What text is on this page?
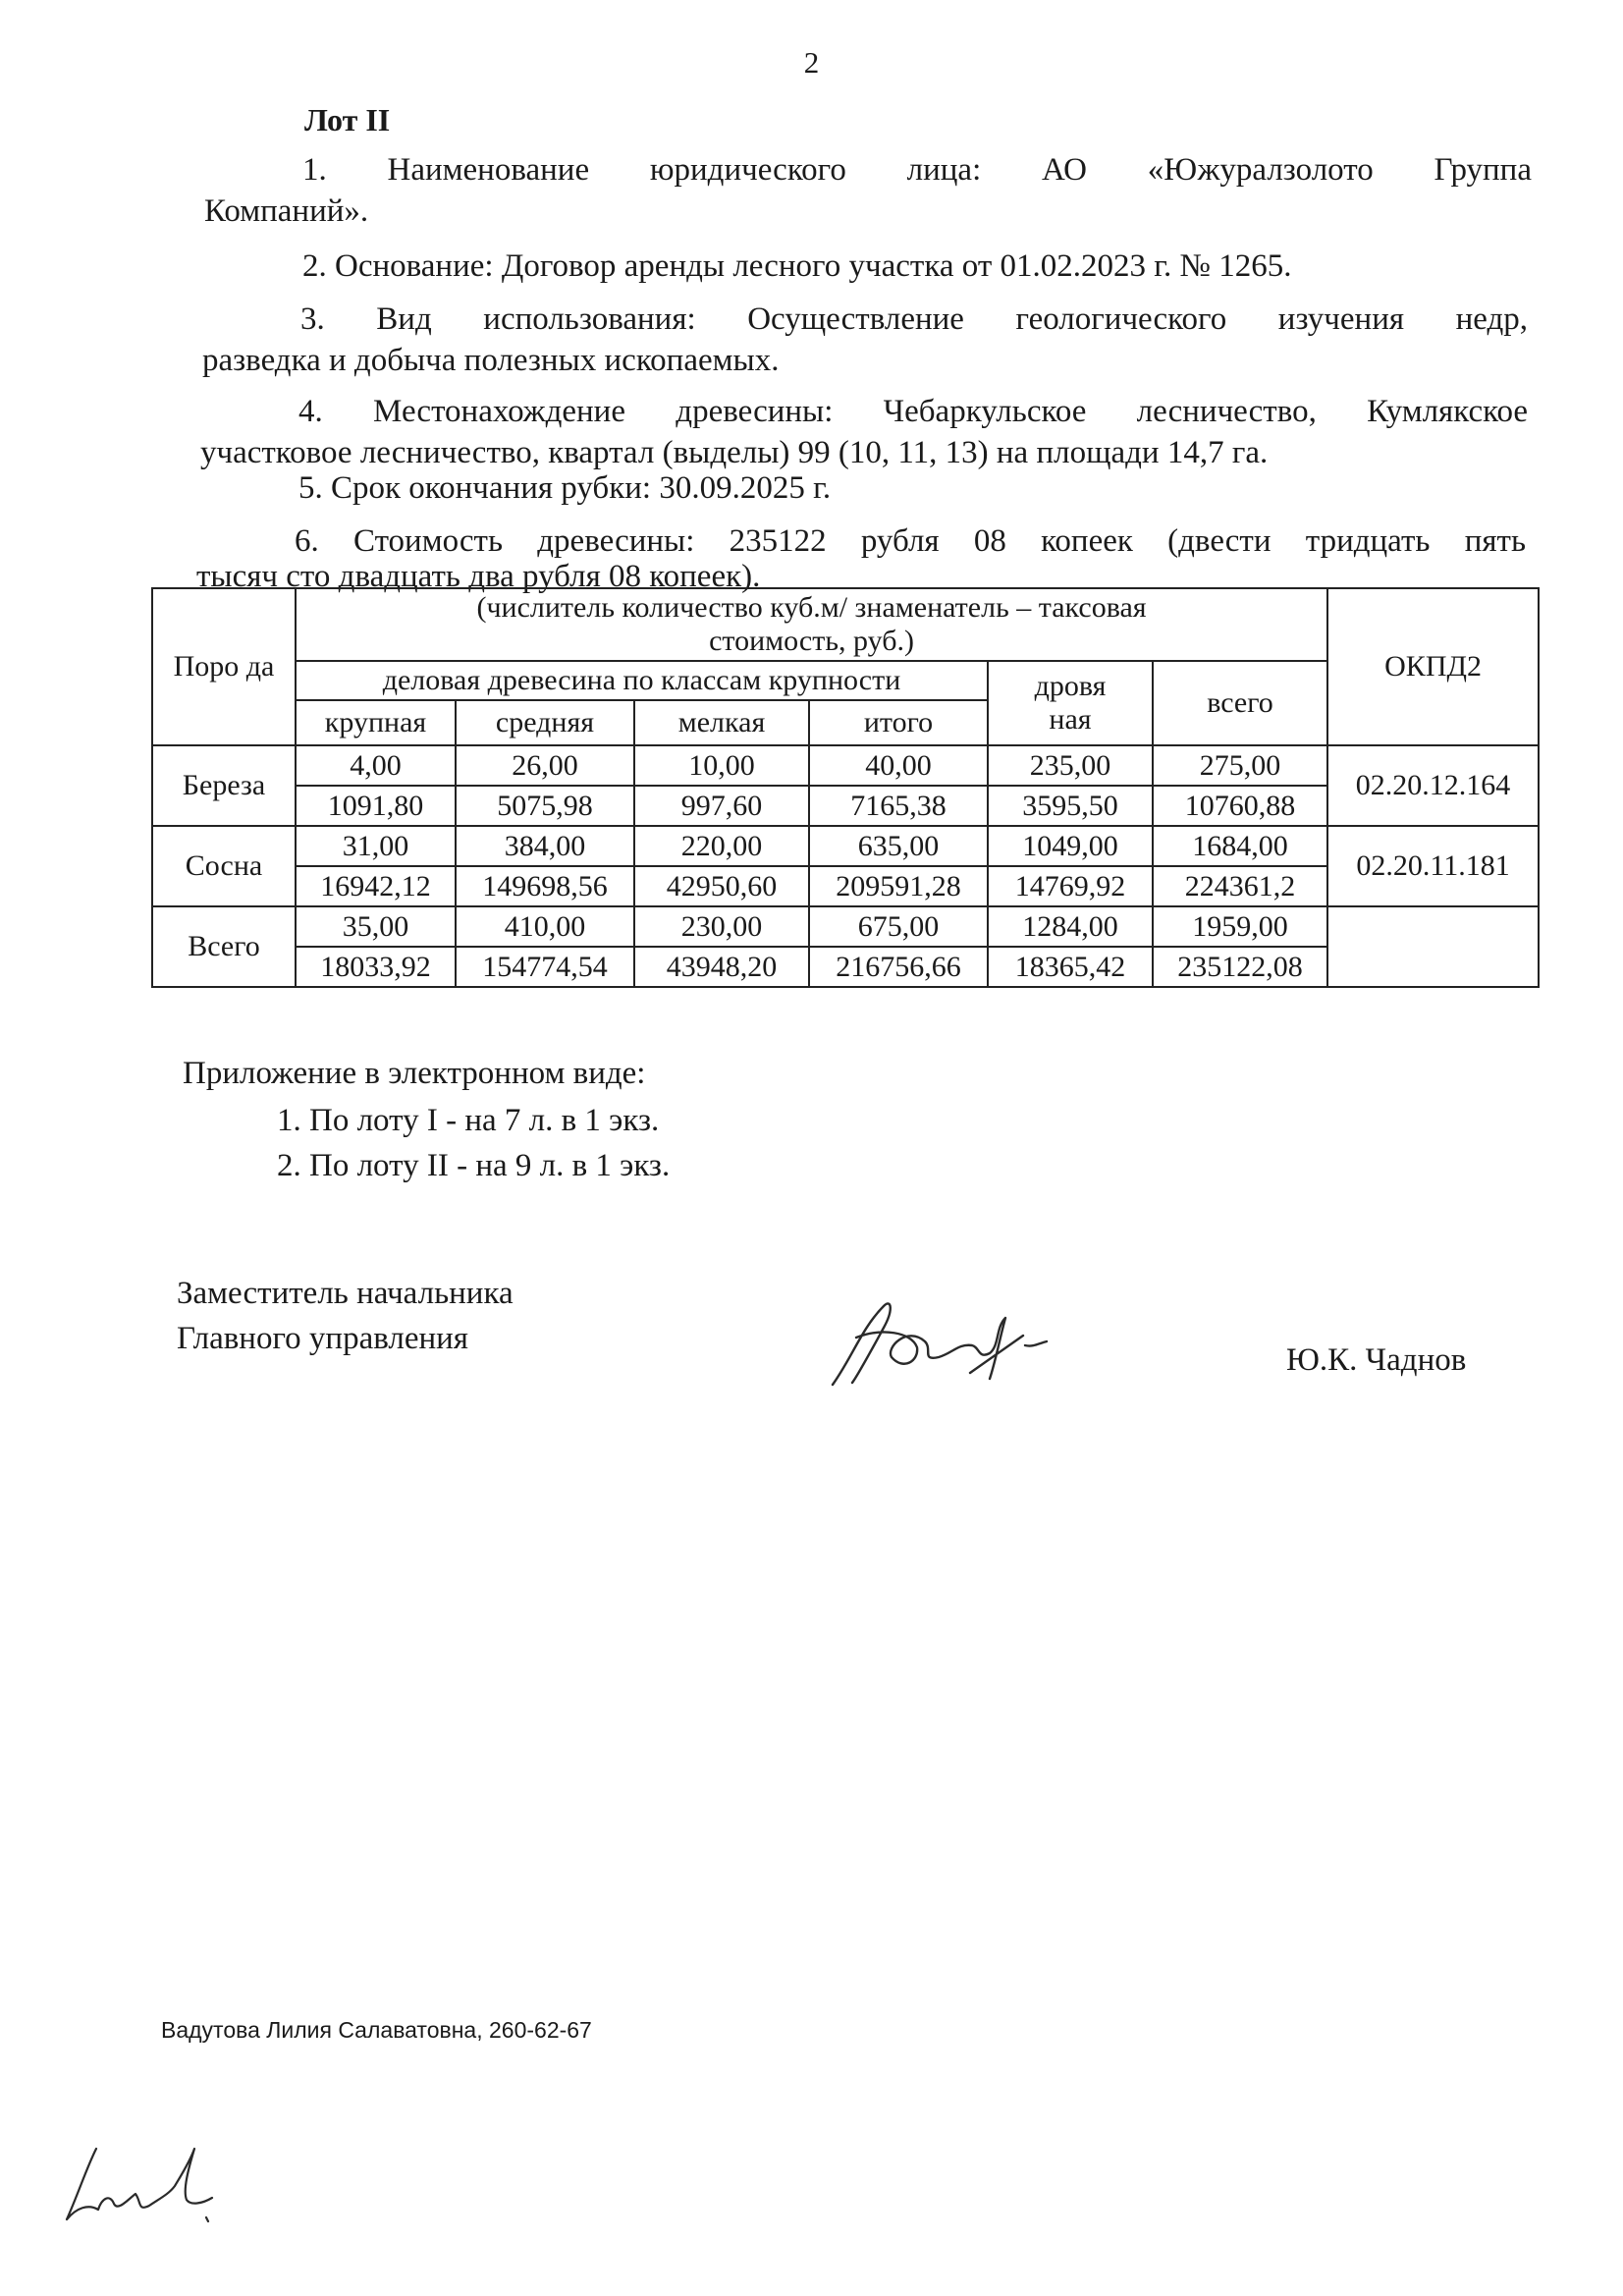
2
Лот II
1. Наименование юридического лица: АО «Южуралзолото Группа
Компаний».
2. Основание: Договор аренды лесного участка от 01.02.2023 г. № 1265.
3. Вид использования: Осуществление геологического изучения недр,
разведка и добыча полезных ископаемых.
4. Местонахождение древесины: Чебаркульское лесничество, Кумлякское
участковое лесничество, квартал (выделы) 99 (10, 11, 13) на площади 14,7 га.
5. Срок окончания рубки: 30.09.2025 г.
6. Стоимость древесины: 235122 рубля 08 копеек (двести тридцать пять
тысяч сто двадцать два рубля 08 копеек).
Поро да	(числитель количество куб.м/ знаменатель – таксовая стоимость, руб.)						ОКПД2
	деловая древесина по классам крупности				дровя ная	всего	
	крупная	средняя	мелкая	итого			
Береза	4,00	26,00	10,00	40,00	235,00	275,00	02.20.12.164
	1091,80	5075,98	997,60	7165,38	3595,50	10760,88	
Сосна	31,00	384,00	220,00	635,00	1049,00	1684,00	02.20.11.181
	16942,12	149698,56	42950,60	209591,28	14769,92	224361,2	
Всего	35,00	410,00	230,00	675,00	1284,00	1959,00	
	18033,92	154774,54	43948,20	216756,66	18365,42	235122,08	
Приложение в электронном виде:
1. По лоту I - на 7 л. в 1 экз.
2. По лоту II - на 9 л. в 1 экз.
Заместитель начальника
Главного управления
Ю.К. Чаднов
Вадутова Лилия Салаватовна, 260-62-67
